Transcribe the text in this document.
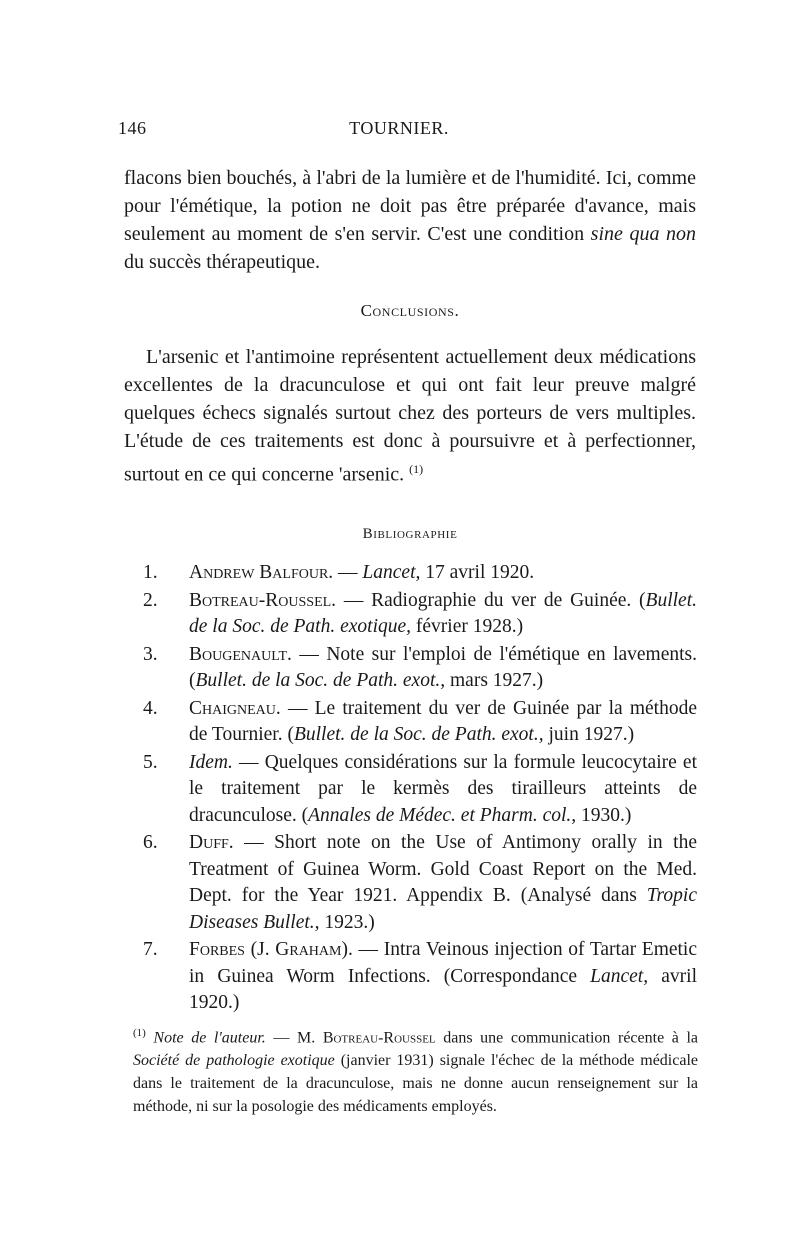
146	TOURNIER.

flacons bien bouchés, à l'abri de la lumière et de l'humidité. Ici, comme pour l'émétique, la potion ne doit pas être préparée d'avance, mais seulement au moment de s'en servir. C'est une condition sine qua non du succès thérapeutique.

Conclusions.

L'arsenic et l'antimoine représentent actuellement deux médications excellentes de la dracunculose et qui ont fait leur preuve malgré quelques échecs signalés surtout chez des porteurs de vers multiples. L'étude de ces traitements est donc à poursuivre et à perfectionner, surtout en ce qui concerne 'arsenic. $^{(1)}$

Bibliographie
1. Andrew Balfour. — Lancet, 17 avril 1920.
2. Botreau-Roussel. — Radiographie du ver de Guinée. (Bullet. de la Soc. de Path. exotique, février 1928.)
3. Bougenault. — Note sur l'emploi de l'émétique en lavements. (Bullet. de la Soc. de Path. exot., mars 1927.)
4. Chaigneau. — Le traitement du ver de Guinée par la méthode de Tournier. (Bullet. de la Soc. de Path. exot., juin 1927.)
5. Idem. — Quelques considérations sur la formule leucocytaire et le traitement par le kermès des tirailleurs atteints de dracunculose. (Annales de Médec. et Pharm. col., 1930.)
6. Duff. — Short note on the Use of Antimony orally in the Treatment of Guinea Worm. Gold Coast Report on the Med. Dept. for the Year 1921. Appendix B. (Analysé dans Tropic Diseases Bullet., 1923.)
7. Forbes (J. Graham). — Intra Veinous injection of Tartar Emetic in Guinea Worm Infections. (Correspondance Lancet, avril 1920.)
$^{(1)}$ Note de l'auteur. — M. Botreau-Roussel dans une communication récente à la Société de pathologie exotique (janvier 1931) signale l'échec de la méthode médicale dans le traitement de la dracunculose, mais ne donne aucun renseignement sur la méthode, ni sur la posologie des médicaments employés.
